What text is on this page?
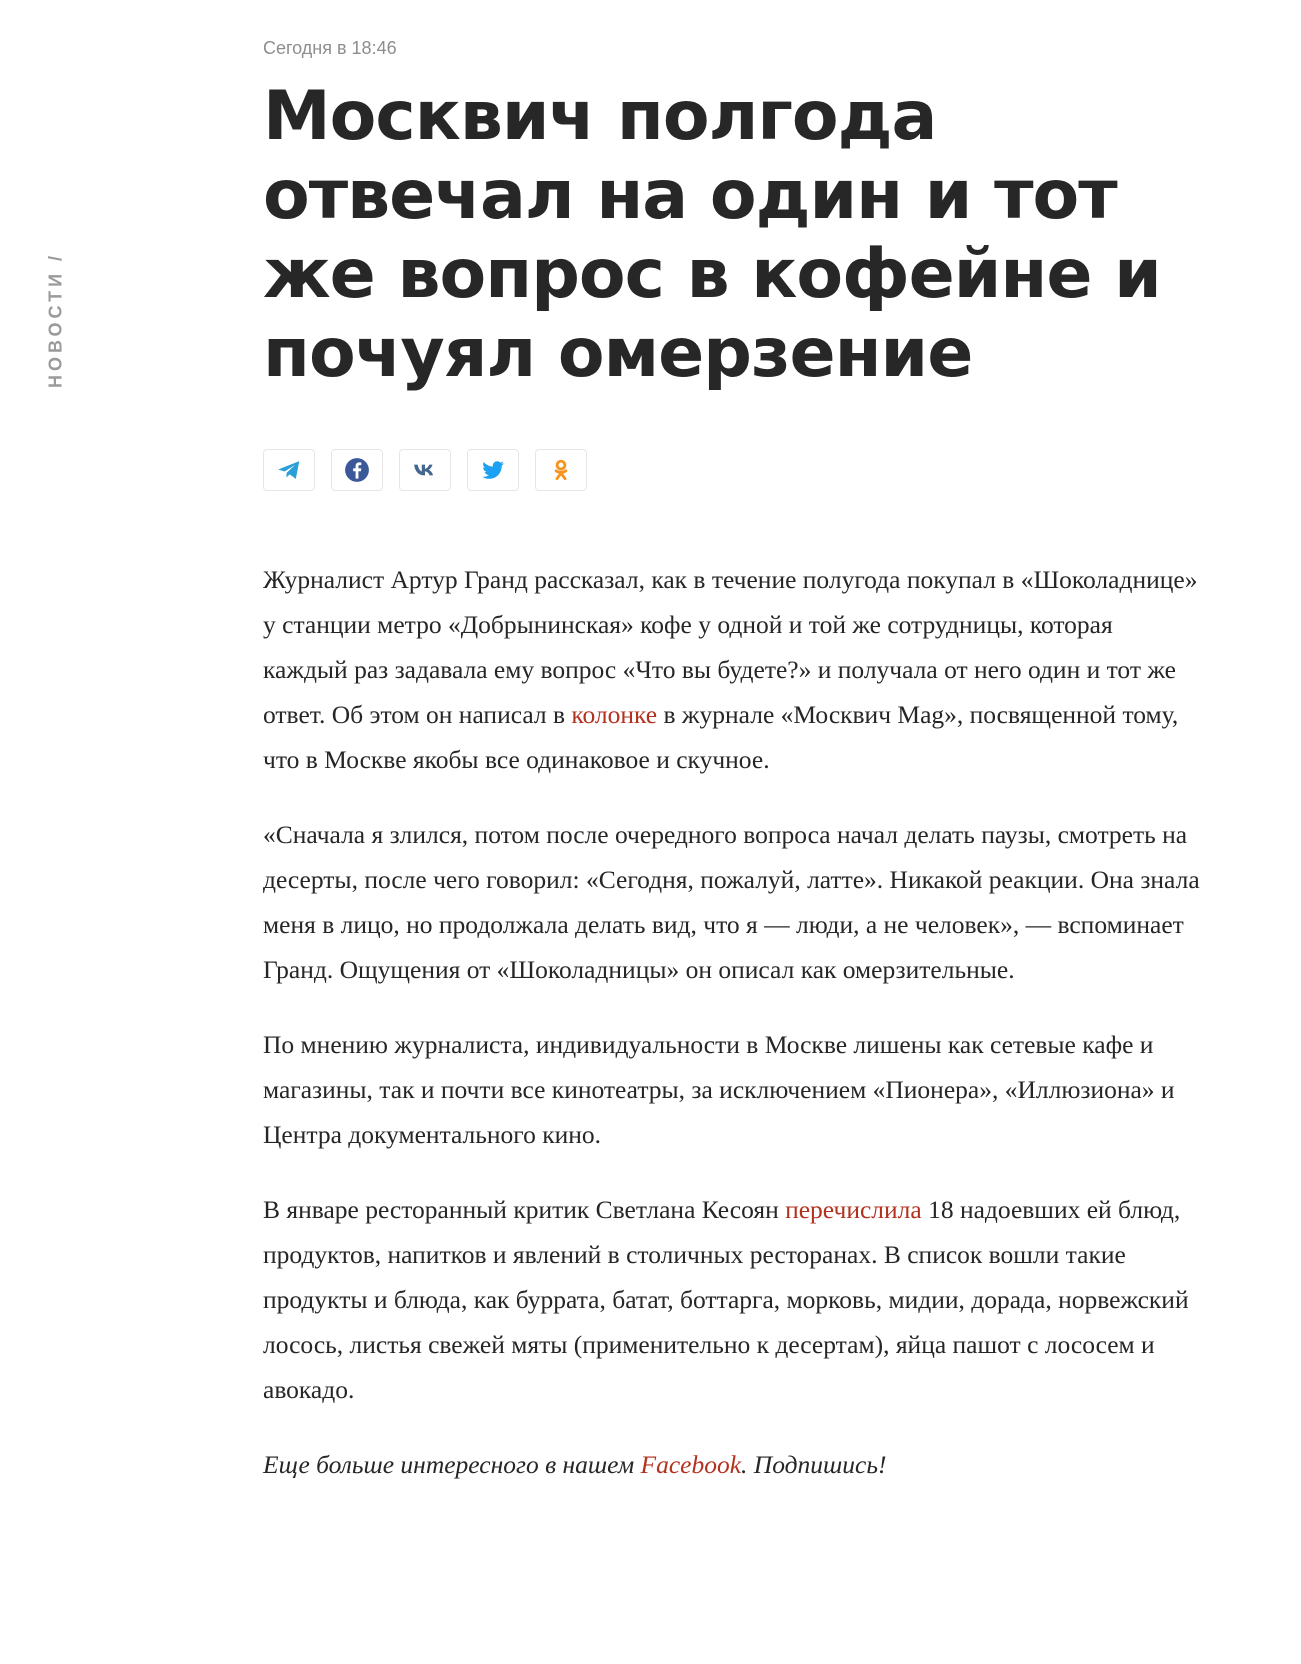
НОВОСТИ /
Сегодня в 18:46
Москвич полгода отвечал на один и тот же вопрос в кофейне и почуял омерзение

Журналист Артур Гранд рассказал, как в течение полугода покупал в «Шоколаднице» у станции метро «Добрынинская» кофе у одной и той же сотрудницы, которая каждый раз задавала ему вопрос «Что вы будете?» и получала от него один и тот же ответ. Об этом он написал в колонке в журнале «Москвич Mag», посвященной тому, что в Москве якобы все одинаковое и скучное.

«Сначала я злился, потом после очередного вопроса начал делать паузы, смотреть на десерты, после чего говорил: «Сегодня, пожалуй, латте». Никакой реакции. Она знала меня в лицо, но продолжала делать вид, что я — люди, а не человек», — вспоминает Гранд. Ощущения от «Шоколадницы» он описал как омерзительные.

По мнению журналиста, индивидуальности в Москве лишены как сетевые кафе и магазины, так и почти все кинотеатры, за исключением «Пионера», «Иллюзиона» и Центра документального кино.

В январе ресторанный критик Светлана Кесоян перечислила 18 надоевших ей блюд, продуктов, напитков и явлений в столичных ресторанах. В список вошли такие продукты и блюда, как буррата, батат, боттарга, морковь, мидии, дорада, норвежский лосось, листья свежей мяты (применительно к десертам), яйца пашот с лососем и авокадо.

Еще больше интересного в нашем Facebook. Подпишись!
